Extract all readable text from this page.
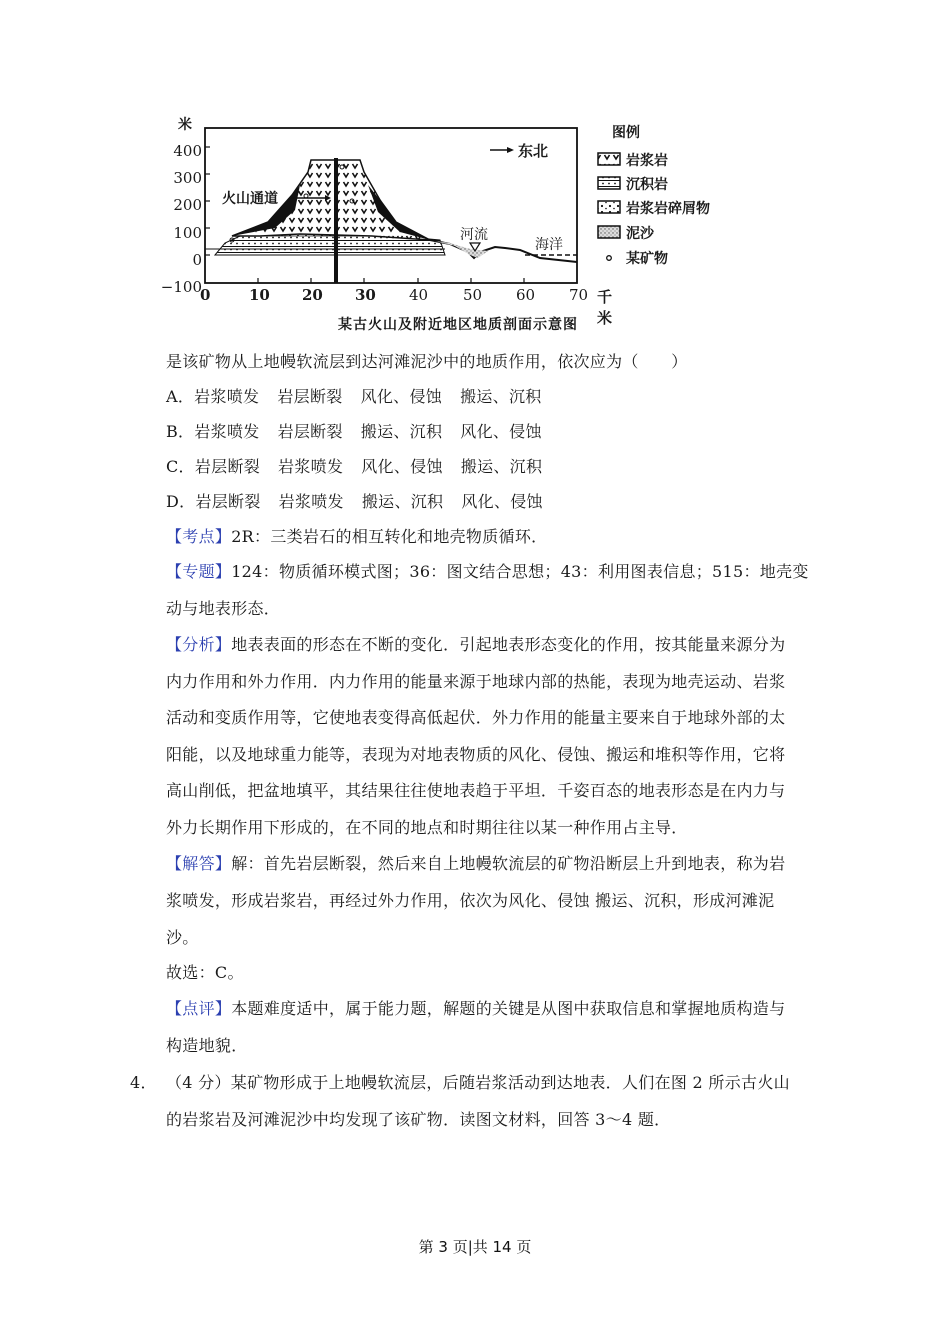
米
400
300
200
100
0
−100
0	10 20 30 40 50 60 70 千米
东北
火山通道
河流
海洋
某古火山及附近地区地质剖面示意图
图例
岩浆岩
沉积岩
岩浆岩碎屑物
泥沙
某矿物
是该矿物从上地幔软流层到达河滩泥沙中的地质作用，依次应为（　　）
A．岩浆喷发 岩层断裂 风化、侵蚀 搬运、沉积
B．岩浆喷发 岩层断裂 搬运、沉积 风化、侵蚀
C．岩层断裂 岩浆喷发 风化、侵蚀 搬运、沉积
D．岩层断裂 岩浆喷发 搬运、沉积 风化、侵蚀
【考点】2R：三类岩石的相互转化和地壳物质循环．
【专题】124：物质循环模式图；36：图文结合思想；43：利用图表信息；515：地壳变
动与地表形态．
【分析】地表表面的形态在不断的变化．引起地表形态变化的作用，按其能量来源分为
内力作用和外力作用．内力作用的能量来源于地球内部的热能，表现为地壳运动、岩浆
活动和变质作用等，它使地表变得高低起伏．外力作用的能量主要来自于地球外部的太
阳能，以及地球重力能等，表现为对地表物质的风化、侵蚀、搬运和堆积等作用，它将
高山削低，把盆地填平，其结果往往使地表趋于平坦．千姿百态的地表形态是在内力与
外力长期作用下形成的，在不同的地点和时期往往以某一种作用占主导．
【解答】解：首先岩层断裂，然后来自上地幔软流层的矿物沿断层上升到地表，称为岩
浆喷发，形成岩浆岩，再经过外力作用，依次为风化、侵蚀 搬运、沉积，形成河滩泥
沙。
故选：C。
【点评】本题难度适中，属于能力题，解题的关键是从图中获取信息和掌握地质构造与
构造地貌．
4． （4 分）某矿物形成于上地幔软流层，后随岩浆活动到达地表．人们在图 2 所示古火山
的岩浆岩及河滩泥沙中均发现了该矿物．读图文材料，回答 3～4 题．
第 3 页|共 14 页
